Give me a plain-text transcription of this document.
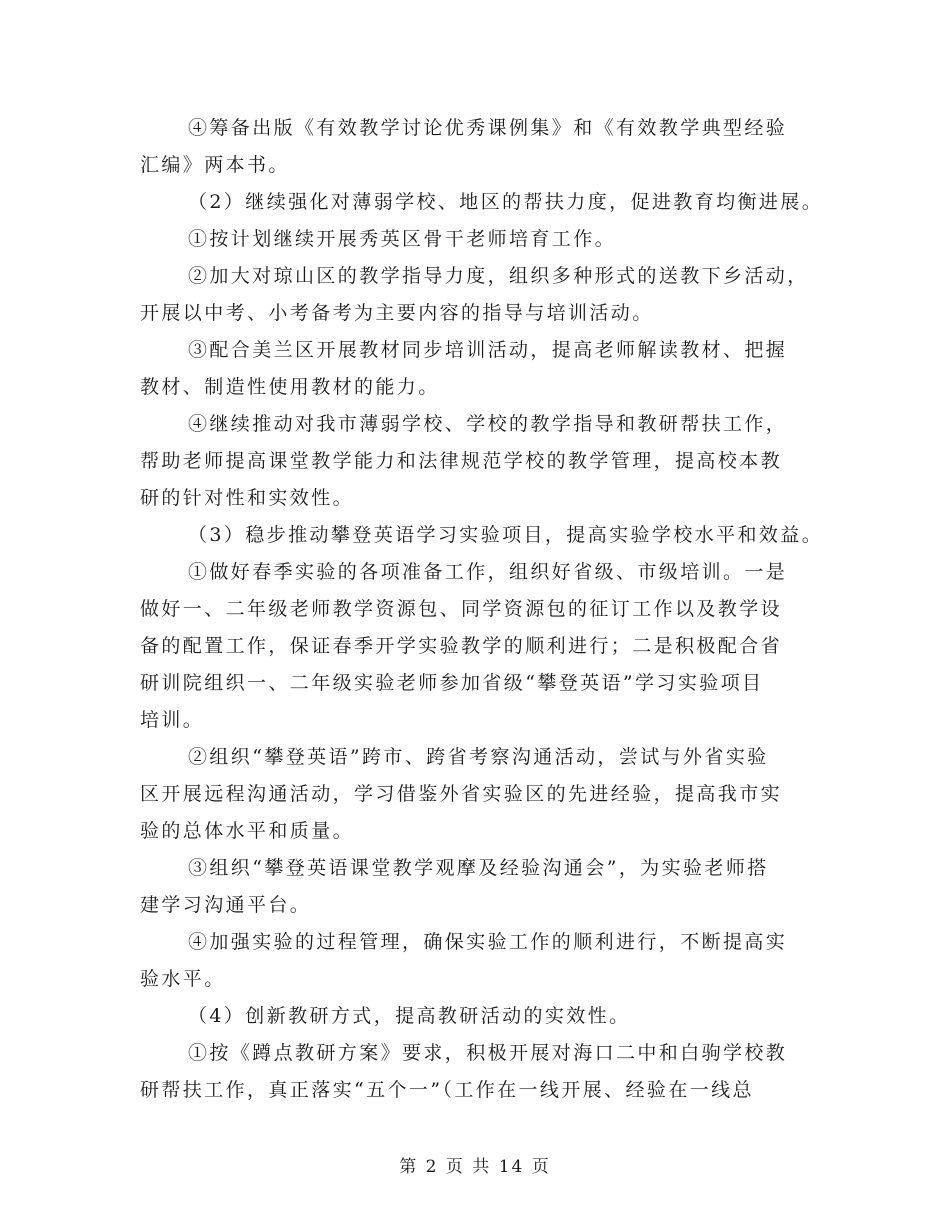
④筹备出版《有效教学讨论优秀课例集》和《有效教学典型经验
汇编》两本书。
（2）继续强化对薄弱学校、地区的帮扶力度，促进教育均衡进展。
①按计划继续开展秀英区骨干老师培育工作。
②加大对琼山区的教学指导力度，组织多种形式的送教下乡活动，
开展以中考、小考备考为主要内容的指导与培训活动。
③配合美兰区开展教材同步培训活动，提高老师解读教材、把握
教材、制造性使用教材的能力。
④继续推动对我市薄弱学校、学校的教学指导和教研帮扶工作，
帮助老师提高课堂教学能力和法律规范学校的教学管理，提高校本教
研的针对性和实效性。
（3）稳步推动攀登英语学习实验项目，提高实验学校水平和效益。
①做好春季实验的各项准备工作，组织好省级、市级培训。一是
做好一、二年级老师教学资源包、同学资源包的征订工作以及教学设
备的配置工作，保证春季开学实验教学的顺利进行；二是积极配合省
研训院组织一、二年级实验老师参加省级“攀登英语”学习实验项目
培训。
②组织“攀登英语”跨市、跨省考察沟通活动，尝试与外省实验
区开展远程沟通活动，学习借鉴外省实验区的先进经验，提高我市实
验的总体水平和质量。
③组织“攀登英语课堂教学观摩及经验沟通会”，为实验老师搭
建学习沟通平台。
④加强实验的过程管理，确保实验工作的顺利进行，不断提高实
验水平。
（4）创新教研方式，提高教研活动的实效性。
①按《蹲点教研方案》要求，积极开展对海口二中和白驹学校教
研帮扶工作，真正落实“五个一”（工作在一线开展、经验在一线总
第 2 页 共 14 页
